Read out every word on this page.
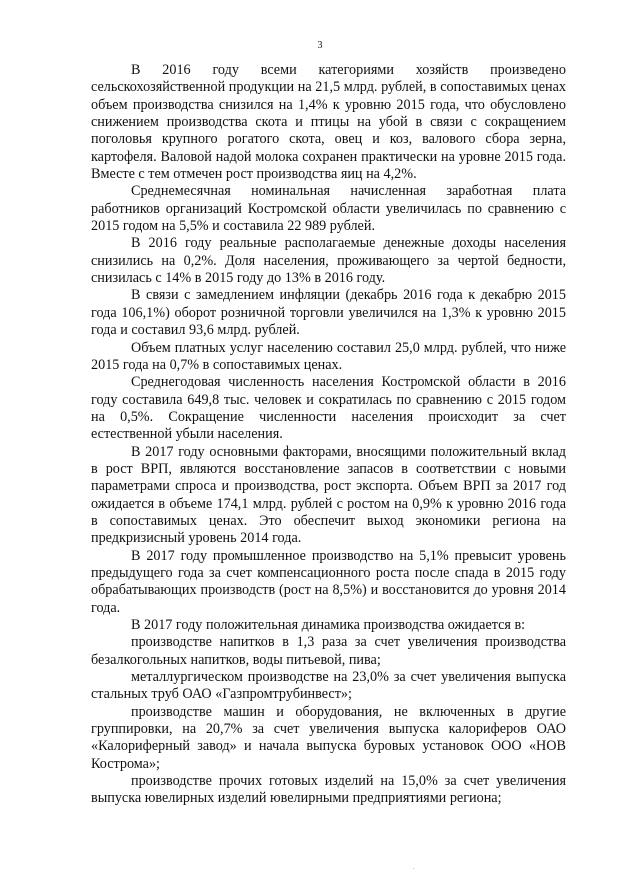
3

В 2016 году всеми категориями хозяйств произведено сельскохозяйственной продукции на 21,5 млрд. рублей, в сопоставимых ценах объем производства снизился на 1,4% к уровню 2015 года, что обусловлено снижением производства скота и птицы на убой в связи с сокращением поголовья крупного рогатого скота, овец и коз, валового сбора зерна, картофеля. Валовой надой молока сохранен практически на уровне 2015 года. Вместе с тем отмечен рост производства яиц на 4,2%.

Среднемесячная номинальная начисленная заработная плата работников организаций Костромской области увеличилась по сравнению с 2015 годом на 5,5% и составила 22 989 рублей.

В 2016 году реальные располагаемые денежные доходы населения снизились на 0,2%. Доля населения, проживающего за чертой бедности, снизилась с 14% в 2015 году до 13% в 2016 году.

В связи с замедлением инфляции (декабрь 2016 года к декабрю 2015 года 106,1%) оборот розничной торговли увеличился на 1,3% к уровню 2015 года и составил 93,6 млрд. рублей.

Объем платных услуг населению составил 25,0 млрд. рублей, что ниже 2015 года на 0,7% в сопоставимых ценах.

Среднегодовая численность населения Костромской области в 2016 году составила 649,8 тыс. человек и сократилась по сравнению с 2015 годом на 0,5%. Сокращение численности населения происходит за счет естественной убыли населения.

В 2017 году основными факторами, вносящими положительный вклад в рост ВРП, являются восстановление запасов в соответствии с новыми параметрами спроса и производства, рост экспорта. Объем ВРП за 2017 год ожидается в объеме 174,1 млрд. рублей с ростом на 0,9% к уровню 2016 года в сопоставимых ценах. Это обеспечит выход экономики региона на предкризисный уровень 2014 года.

В 2017 году промышленное производство на 5,1% превысит уровень предыдущего года за счет компенсационного роста после спада в 2015 году обрабатывающих производств (рост на 8,5%) и восстановится до уровня 2014 года.

В 2017 году положительная динамика производства ожидается в:

производстве напитков в 1,3 раза за счет увеличения производства безалкогольных напитков, воды питьевой, пива;

металлургическом производстве на 23,0% за счет увеличения выпуска стальных труб ОАО «Газпромтрубинвест»;

производстве машин и оборудования, не включенных в другие группировки, на 20,7% за счет увеличения выпуска калориферов ОАО «Калориферный завод» и начала выпуска буровых установок ООО «НОВ Кострома»;

производстве прочих готовых изделий на 15,0% за счет увеличения выпуска ювелирных изделий ювелирными предприятиями региона;
